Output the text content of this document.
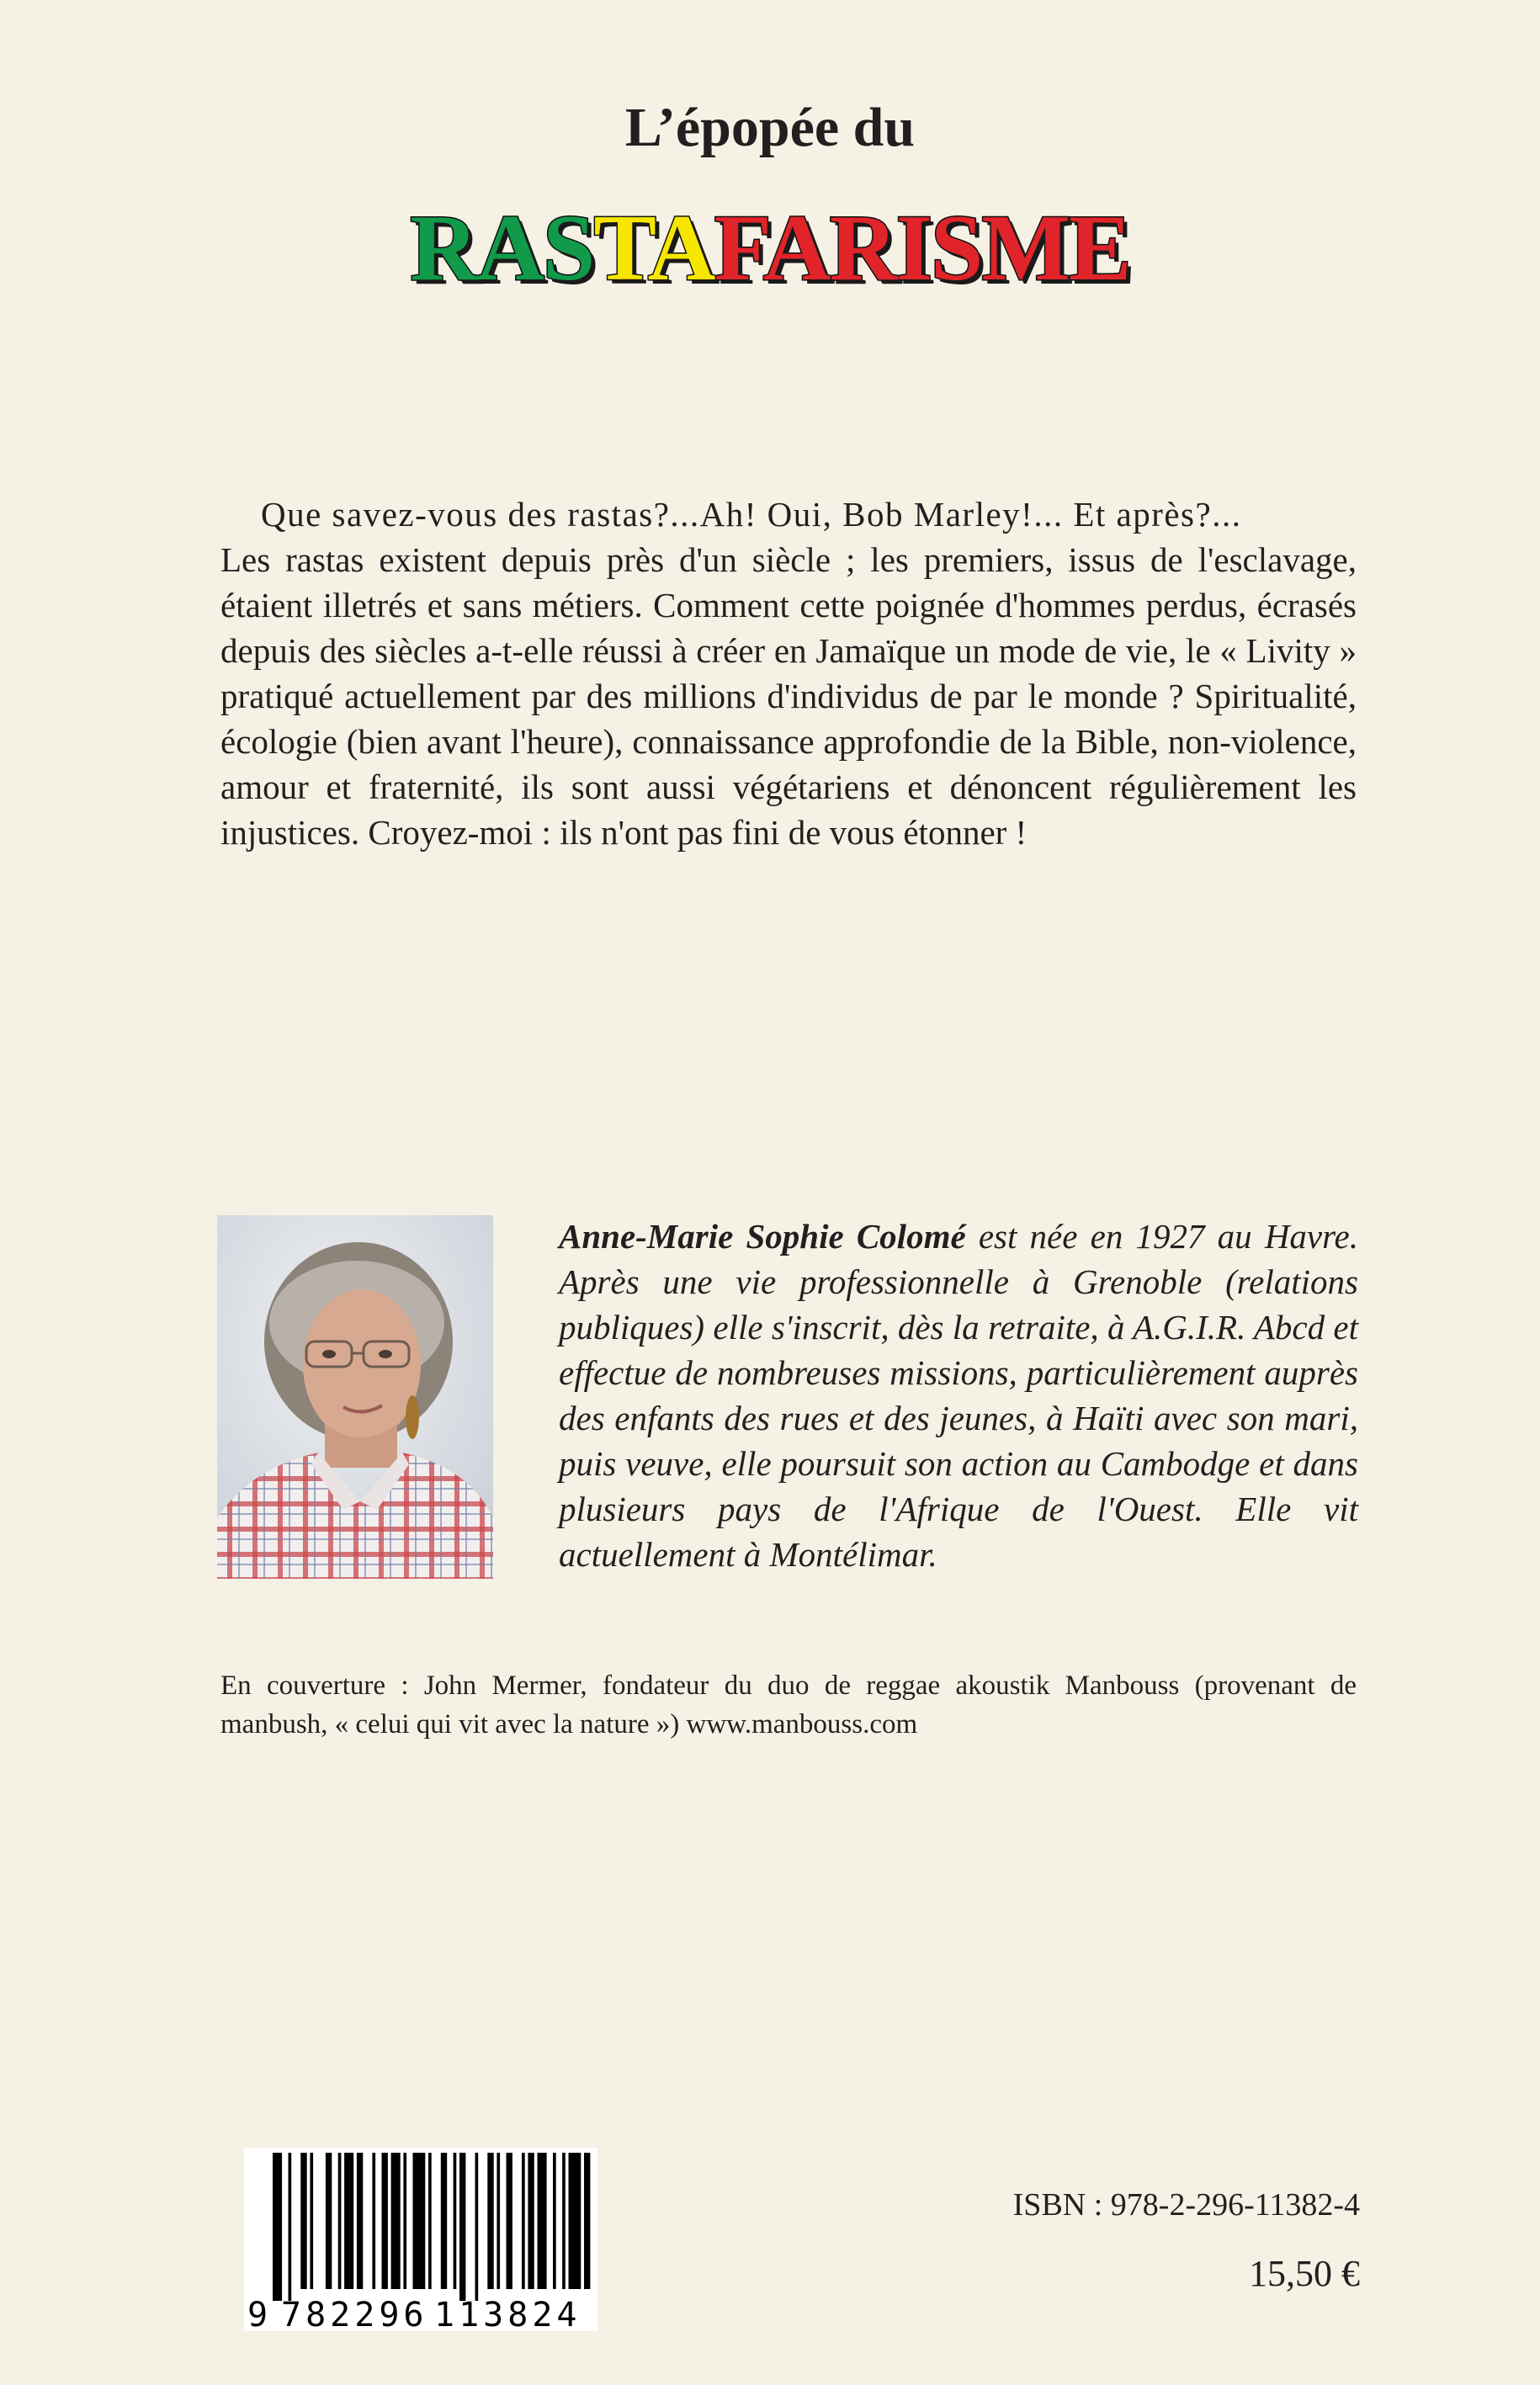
L’épopée du
RASTAFARISME

Que savez-vous des rastas?...Ah! Oui, Bob Marley!... Et après?...

Les rastas existent depuis près d'un siècle ; les premiers, issus de l'esclavage, étaient illetrés et sans métiers. Comment cette poignée d'hommes perdus, écrasés depuis des siècles a-t-elle réussi à créer en Jamaïque un mode de vie, le « Livity » pratiqué actuellement par des millions d'individus de par le monde ? Spiritualité, écologie (bien avant l'heure), connaissance approfondie de la Bible, non-violence, amour et fraternité, ils sont aussi végétariens et dénoncent régulièrement les injustices. Croyez-moi : ils n'ont pas fini de vous étonner !

Anne-Marie Sophie Colomé est née en 1927 au Havre. Après une vie professionnelle à Grenoble (relations publiques) elle s'inscrit, dès la retraite, à A.G.I.R. Abcd et effectue de nombreuses missions, particulièrement auprès des enfants des rues et des jeunes, à Haïti avec son mari, puis veuve, elle poursuit son action au Cambodge et dans plusieurs pays de l'Afrique de l'Ouest. Elle vit actuellement à Montélimar.
En couverture : John Mermer, fondateur du duo de reggae akoustik Manbouss (provenant de manbush, « celui qui vit avec la nature ») www.manbouss.com
9 782296 113824
ISBN : 978-2-296-11382-4
15,50 €
